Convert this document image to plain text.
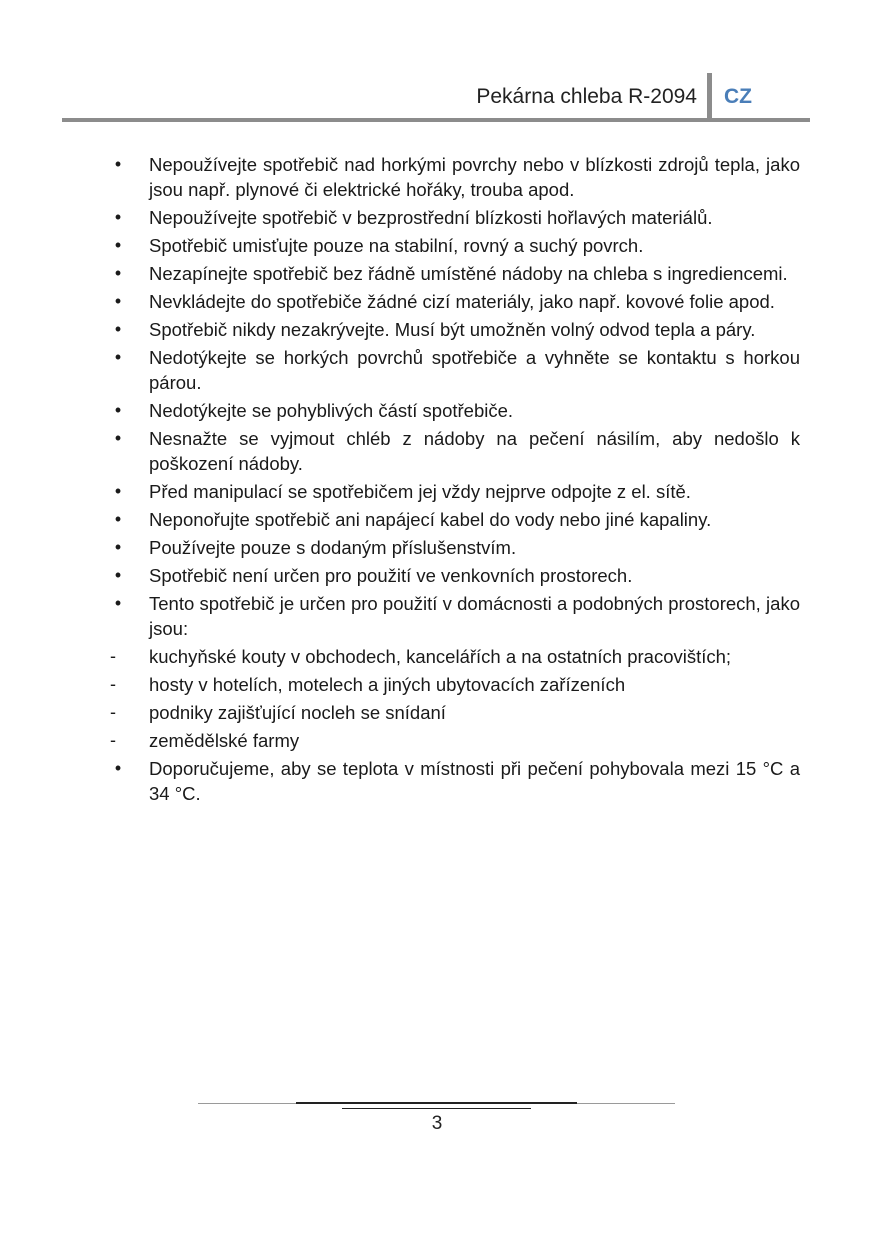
Pekárna chleba R-2094 CZ
•	Nepoužívejte spotřebič nad horkými povrchy nebo v blízkosti zdrojů tepla, jako jsou např. plynové či elektrické hořáky, trouba apod.
•	Nepoužívejte spotřebič v bezprostřední blízkosti hořlavých materiálů.
•	Spotřebič umisťujte pouze na stabilní, rovný a suchý povrch.
•	Nezapínejte spotřebič bez řádně umístěné nádoby na chleba s ingrediencemi.
•	Nevkládejte do spotřebiče žádné cizí materiály, jako např. kovové folie apod.
•	Spotřebič nikdy nezakrývejte. Musí být umožněn volný odvod tepla a páry.
•	Nedotýkejte se horkých povrchů spotřebiče a vyhněte se kontaktu s horkou párou.
•	Nedotýkejte se pohyblivých částí spotřebiče.
•	Nesnažte se vyjmout chléb z nádoby na pečení násilím, aby nedošlo k poškození nádoby.
•	Před manipulací se spotřebičem jej vždy nejprve odpojte z el. sítě.
•	Neponořujte spotřebič ani napájecí kabel do vody nebo jiné kapaliny.
•	Používejte pouze s dodaným příslušenstvím.
•	Spotřebič není určen pro použití ve venkovních prostorech.
•	Tento spotřebič je určen pro použití v domácnosti a podobných prostorech, jako jsou:
-	kuchyňské kouty v obchodech, kancelářích a na ostatních pracovištích;
-	hosty v hotelích, motelech a jiných ubytovacích zařízeních
-	podniky zajišťující nocleh se snídaní
-	zemědělské farmy
•	Doporučujeme, aby se teplota v místnosti při pečení pohybovala mezi 15 °C a 34 °C.
3
